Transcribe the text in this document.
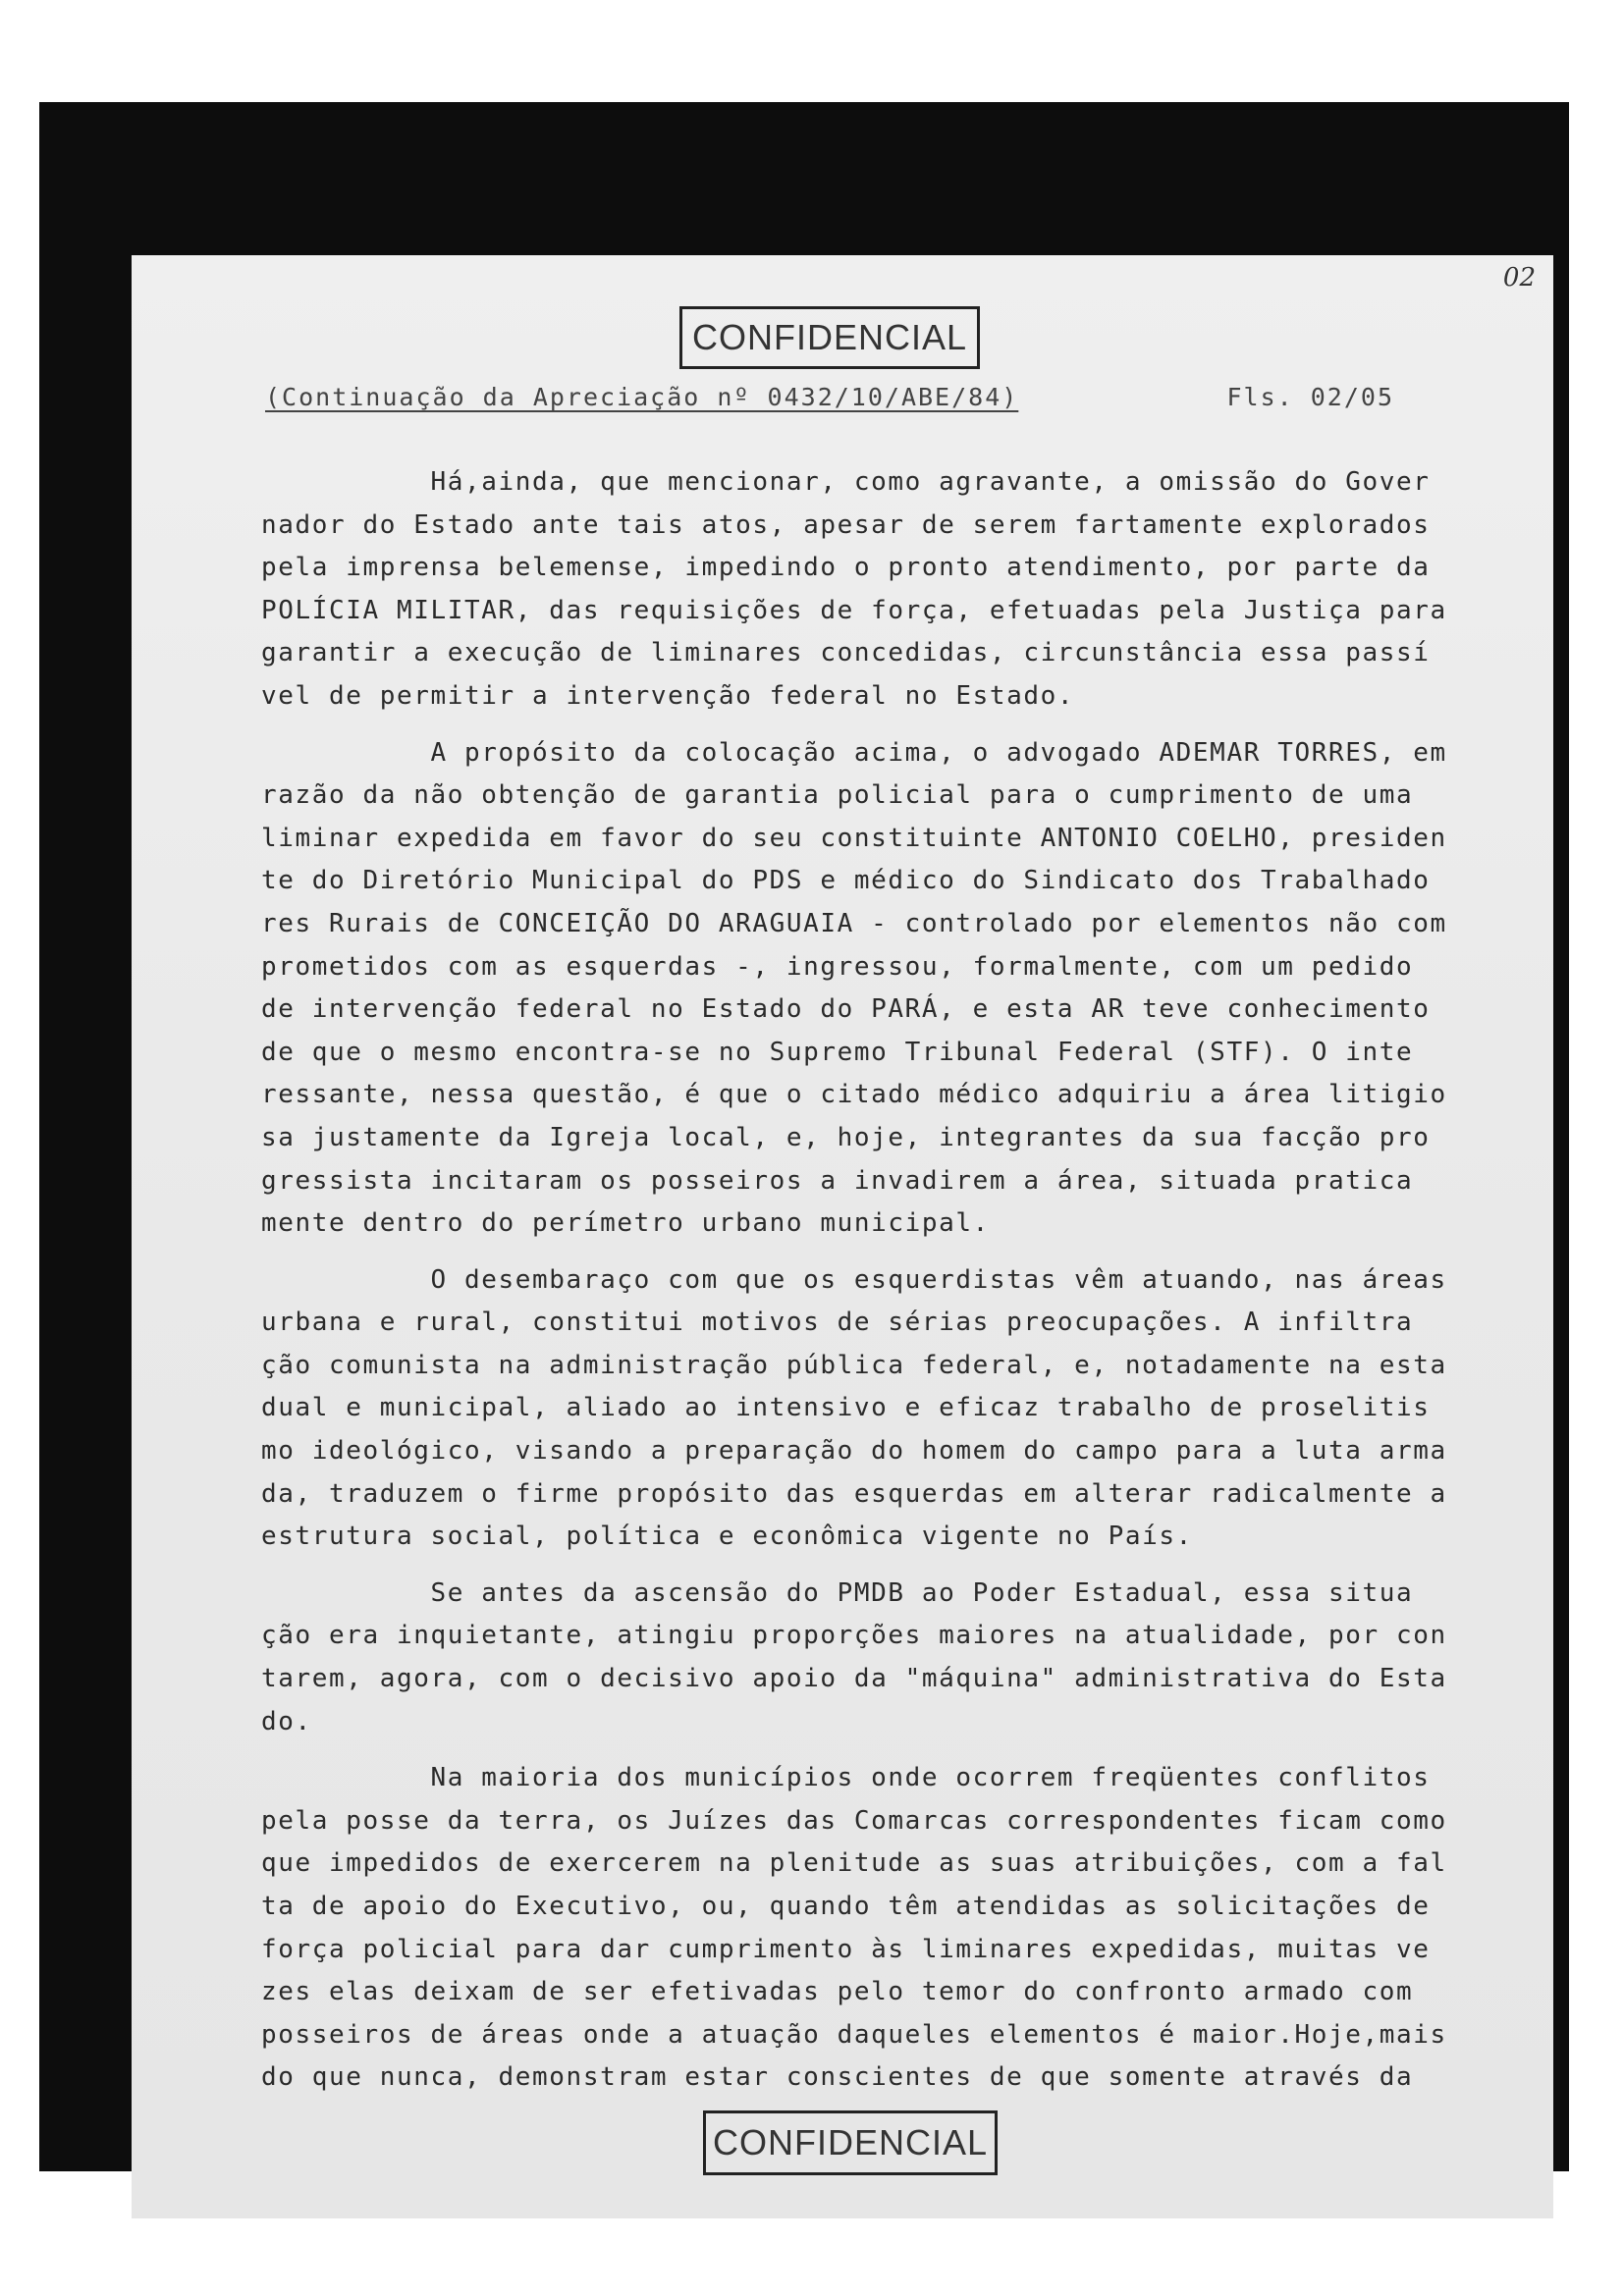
02
CONFIDENCIAL
(Continuação da Apreciação nº 0432/10/ABE/84)	Fls. 02/05
Há,ainda, que mencionar, como agravante, a omissão do Gover
nador do Estado ante tais atos, apesar de serem fartamente explorados
pela imprensa belemense, impedindo o pronto atendimento, por parte da
POLÍCIA MILITAR, das requisições de força, efetuadas pela Justiça para
garantir a execução de liminares concedidas, circunstância essa passí
vel de permitir a intervenção federal no Estado.
A propósito da colocação acima, o advogado ADEMAR TORRES, em
razão da não obtenção de garantia policial para o cumprimento de uma
liminar expedida em favor do seu constituinte ANTONIO COELHO, presiden
te do Diretório Municipal do PDS e médico do Sindicato dos Trabalhado
res Rurais de CONCEIÇÃO DO ARAGUAIA - controlado por elementos não com
prometidos com as esquerdas -, ingressou, formalmente, com um pedido
de intervenção federal no Estado do PARÁ, e esta AR teve conhecimento
de que o mesmo encontra-se no Supremo Tribunal Federal (STF). O inte
ressante, nessa questão, é que o citado médico adquiriu a área litigio
sa justamente da Igreja local, e, hoje, integrantes da sua facção pro
gressista incitaram os posseiros a invadirem a área, situada pratica
mente dentro do perímetro urbano municipal.
O desembaraço com que os esquerdistas vêm atuando, nas áreas
urbana e rural, constitui motivos de sérias preocupações. A infiltra
ção comunista na administração pública federal, e, notadamente na esta
dual e municipal, aliado ao intensivo e eficaz trabalho de proselitis
mo ideológico, visando a preparação do homem do campo para a luta arma
da, traduzem o firme propósito das esquerdas em alterar radicalmente a
estrutura social, política e econômica vigente no País.
Se antes da ascensão do PMDB ao Poder Estadual, essa situa
ção era inquietante, atingiu proporções maiores na atualidade, por con
tarem, agora, com o decisivo apoio da "máquina" administrativa do Esta
do.
Na maioria dos municípios onde ocorrem freqüentes conflitos
pela posse da terra, os Juízes das Comarcas correspondentes ficam como
que impedidos de exercerem na plenitude as suas atribuições, com a fal
ta de apoio do Executivo, ou, quando têm atendidas as solicitações de
força policial para dar cumprimento às liminares expedidas, muitas ve
zes elas deixam de ser efetivadas pelo temor do confronto armado com
posseiros de áreas onde a atuação daqueles elementos é maior.Hoje,mais
do que nunca, demonstram estar conscientes de que somente através da
CONFIDENCIAL
